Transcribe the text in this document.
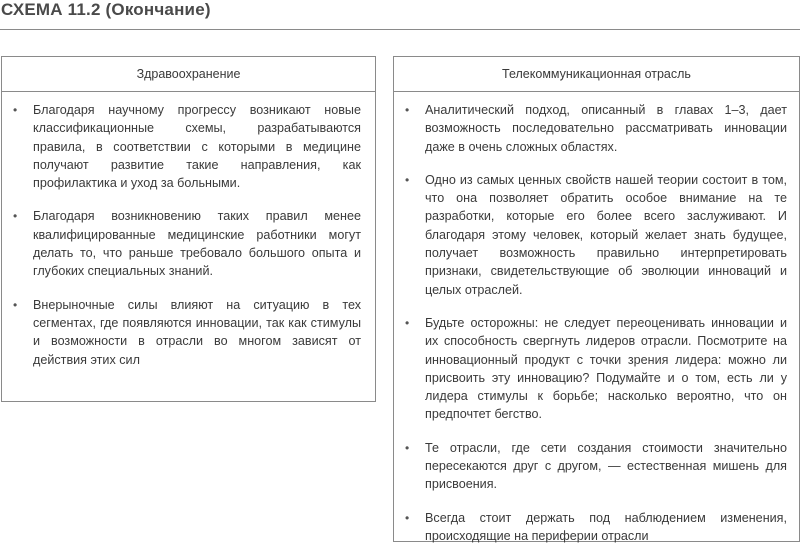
СХЕМА 11.2 (Окончание)
Здравоохранение
•	Благодаря научному прогрессу возникают новые классификационные схемы, разрабатываются правила, в соответствии с которыми в медицине получают развитие такие направления, как профилактика и уход за больными.
•	Благодаря возникновению таких правил менее квалифицированные медицинские работники могут делать то, что раньше требовало большого опыта и глубоких специальных знаний.
•	Внерыночные силы влияют на ситуацию в тех сегментах, где появляются инновации, так как стимулы и возможности в отрасли во многом зависят от действия этих сил
Телекоммуникационная отрасль
•	Аналитический подход, описанный в главах 1–3, дает возможность последовательно рассматривать инновации даже в очень сложных областях.
•	Одно из самых ценных свойств нашей теории состоит в том, что она позволяет обратить особое внимание на те разработки, которые его более всего заслуживают. И благодаря этому человек, который желает знать будущее, получает возможность правильно интерпретировать признаки, свидетельствующие об эволюции инноваций и целых отраслей.
•	Будьте осторожны: не следует переоценивать инновации и их способность свергнуть лидеров отрасли. Посмотрите на инновационный продукт с точки зрения лидера: можно ли присвоить эту инновацию? Подумайте и о том, есть ли у лидера стимулы к борьбе; насколько вероятно, что он предпочтет бегство.
•	Те отрасли, где сети создания стоимости значительно пересекаются друг с другом, — естественная мишень для присвоения.
•	Всегда стоит держать под наблюдением изменения, происходящие на периферии отрасли
